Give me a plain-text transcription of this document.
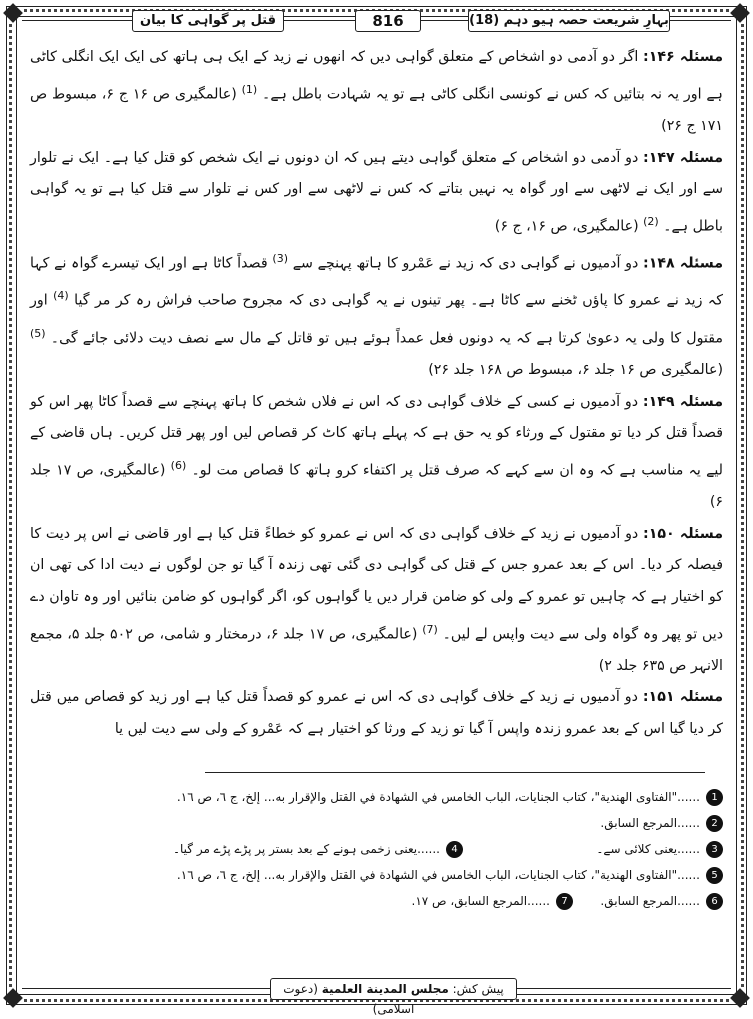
قتل پر گواہی کا بیان	816	بہارِ شریعت حصہ ہیو دہم (18)

مسئلہ ۱۴۶: اگر دو آدمی دو اشخاص کے متعلق گواہی دیں کہ انھوں نے زید کے ایک ہی ہاتھ کی ایک ایک انگلی کاٹی ہے اور یہ نہ بتائیں کہ کس نے کونسی انگلی کاٹی ہے تو یہ شہادت باطل ہے۔ $^{(1)}$ (عالمگیری ص ۱۶ ج ۶، مبسوط ص ۱۷۱ ج ۲۶)

مسئلہ ۱۴۷: دو آدمی دو اشخاص کے متعلق گواہی دیتے ہیں کہ ان دونوں نے ایک شخص کو قتل کیا ہے۔ ایک نے تلوار سے اور ایک نے لاٹھی سے اور گواہ یہ نہیں بتاتے کہ کس نے لاٹھی سے اور کس نے تلوار سے قتل کیا ہے تو یہ گواہی باطل ہے۔ $^{(2)}$ (عالمگیری، ص ۱۶، ج ۶)

مسئلہ ۱۴۸: دو آدمیوں نے گواہی دی کہ زید نے عَمْرو کا ہاتھ پہنچے سے $^{(3)}$ قصداً کاٹا ہے اور ایک تیسرے گواہ نے کہا کہ زید نے عمرو کا پاؤں ٹخنے سے کاٹا ہے۔ پھر تینوں نے یہ گواہی دی کہ مجروح صاحب فراش رہ کر مر گیا $^{(4)}$ اور مقتول کا ولی یہ دعویٰ کرتا ہے کہ یہ دونوں فعل عمداً ہوئے ہیں تو قاتل کے مال سے نصف دیت دلائی جائے گی۔ $^{(5)}$ (عالمگیری ص ۱۶ جلد ۶، مبسوط ص ۱۶۸ جلد ۲۶)

مسئلہ ۱۴۹: دو آدمیوں نے کسی کے خلاف گواہی دی کہ اس نے فلاں شخص کا ہاتھ پہنچے سے قصداً کاٹا پھر اس کو قصداً قتل کر دیا تو مقتول کے ورثاء کو یہ حق ہے کہ پہلے ہاتھ کاٹ کر قصاص لیں اور پھر قتل کریں۔ ہاں قاضی کے لیے یہ مناسب ہے کہ وہ ان سے کہے کہ صرف قتل پر اکتفاء کرو ہاتھ کا قصاص مت لو۔ $^{(6)}$ (عالمگیری، ص ۱۷ جلد ۶)

مسئلہ ۱۵۰: دو آدمیوں نے زید کے خلاف گواہی دی کہ اس نے عمرو کو خطاءً قتل کیا ہے اور قاضی نے اس پر دیت کا فیصلہ کر دیا۔ اس کے بعد عمرو جس کے قتل کی گواہی دی گئی تھی زندہ آ گیا تو جن لوگوں نے دیت ادا کی تھی ان کو اختیار ہے کہ چاہیں تو عمرو کے ولی کو ضامن قرار دیں یا گواہوں کو، اگر گواہوں کو ضامن بنائیں اور وہ تاوان دے دیں تو پھر وہ گواہ ولی سے دیت واپس لے لیں۔ $^{(7)}$ (عالمگیری، ص ۱۷ جلد ۶، درمختار و شامی، ص ۵۰۲ جلد ۵، مجمع الانہر ص ۶۳۵ جلد ۲)

مسئلہ ۱۵۱: دو آدمیوں نے زید کے خلاف گواہی دی کہ اس نے عمرو کو قصداً قتل کیا ہے اور زید کو قصاص میں قتل کر دیا گیا اس کے بعد عمرو زندہ واپس آ گیا تو زید کے ورثا کو اختیار ہے کہ عَمْرو کے ولی سے دیت لیں یا

1
......"الفتاوى الهندية"، كتاب الجنايات، الباب الخامس في الشهادة في القتل والإقرار به... إلخ، ج ٦، ص ١٦.
2
......المرجع السابق.
3
......یعنی کلائی سے۔
4
......یعنی زخمی ہونے کے بعد بستر پر پڑے پڑے مر گیا۔
5
......"الفتاوى الهندية"، كتاب الجنايات، الباب الخامس في الشهادة في القتل والإقرار به... إلخ، ج ٦، ص ١٦.
6
......المرجع السابق.
7
......المرجع السابق، ص ١٧.
پیش کش: مجلس المدينة العلمية (دعوت اسلامی)
